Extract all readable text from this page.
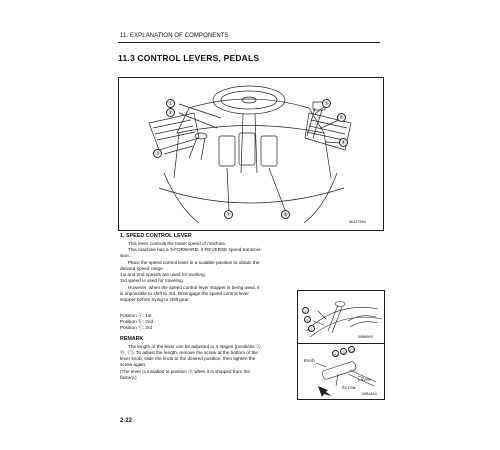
11. EXPLANATION OF COMPONENTS
11.3 CONTROL LEVERS, PEDALS
①
②
③
④
⑤
⑥
⑦	⑧
9EA27004
1. SPEED CONTROL LEVER
This lever controls the travel speed of machine.
This machine has a 3-FORWARD, 3-REVERSE speed transmis-
sion.
Place the speed control lever in a suitable position to obtain the
desired speed range.
1st and 2nd speeds are used for working.
3rd speed is used for traveling.
However, when the speed control lever stopper is being used, it
is impossible to shift to 3rd. Disengage the speed control lever
stopper before trying to shift gear.
Position ⓐ: 1st
Position ⓑ: 2nd
Position ⓒ: 3rd
REMARK
The length of the lever can be adjusted to 3 stages (positions Ⓐ,
Ⓑ, Ⓒ). To adjust the length, remove the screw at the bottom of the
lever knob, slide the knob to the desired position, then tighten the
screw again.
(The lever is installed to position Ⓑ when it is shipped from the
factory.)
ⓐ
ⓑ
ⓒ
9OB0003
Knob
Lever
Screw
Ⓐ	Ⓑ	Ⓒ
9OB1A04
2-22
